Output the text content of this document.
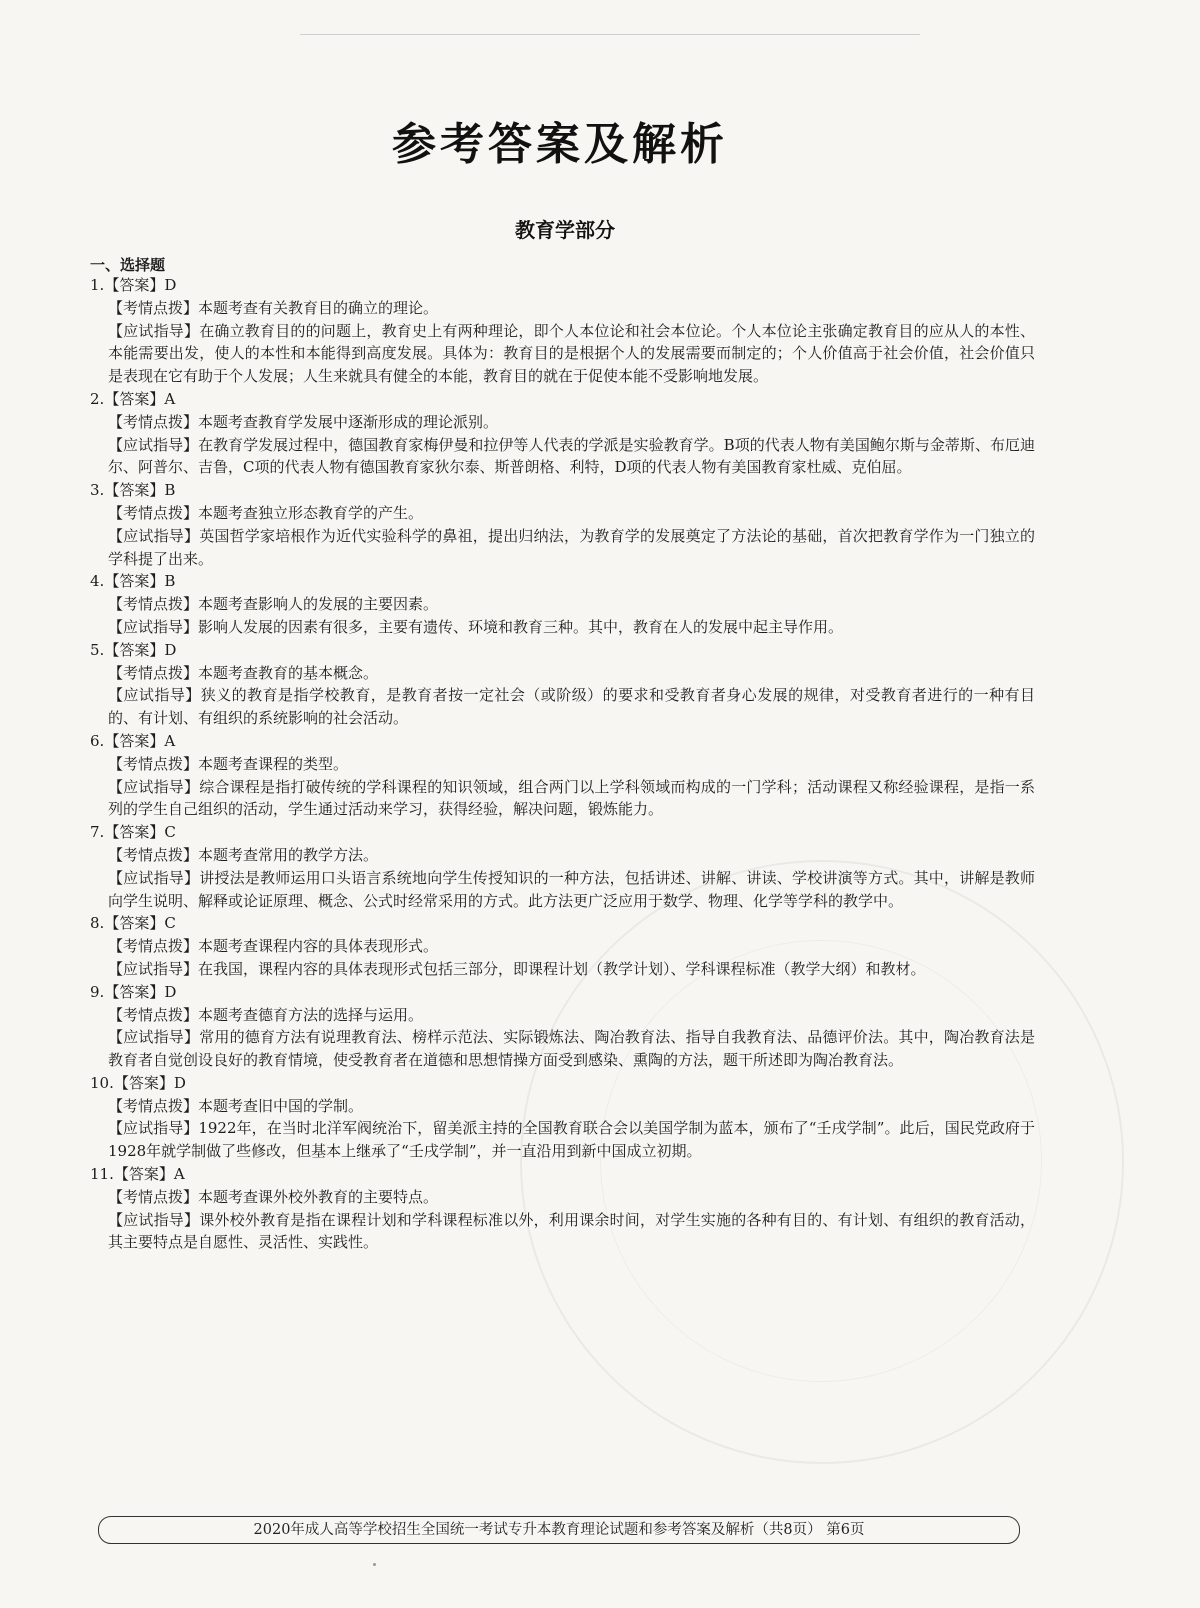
参考答案及解析
教育学部分
一、选择题
1.【答案】D
【考情点拨】本题考查有关教育目的确立的理论。
【应试指导】在确立教育目的的问题上，教育史上有两种理论，即个人本位论和社会本位论。个人本位论主张确定教育目的应从人的本性、本能需要出发，使人的本性和本能得到高度发展。具体为：教育目的是根据个人的发展需要而制定的；个人价值高于社会价值，社会价值只是表现在它有助于个人发展；人生来就具有健全的本能，教育目的就在于促使本能不受影响地发展。
2.【答案】A
【考情点拨】本题考查教育学发展中逐渐形成的理论派别。
【应试指导】在教育学发展过程中，德国教育家梅伊曼和拉伊等人代表的学派是实验教育学。B项的代表人物有美国鲍尔斯与金蒂斯、布厄迪尔、阿普尔、吉鲁，C项的代表人物有德国教育家狄尔泰、斯普朗格、利特，D项的代表人物有美国教育家杜威、克伯屈。
3.【答案】B
【考情点拨】本题考查独立形态教育学的产生。
【应试指导】英国哲学家培根作为近代实验科学的鼻祖，提出归纳法，为教育学的发展奠定了方法论的基础，首次把教育学作为一门独立的学科提了出来。
4.【答案】B
【考情点拨】本题考查影响人的发展的主要因素。
【应试指导】影响人发展的因素有很多，主要有遗传、环境和教育三种。其中，教育在人的发展中起主导作用。
5.【答案】D
【考情点拨】本题考查教育的基本概念。
【应试指导】狭义的教育是指学校教育，是教育者按一定社会（或阶级）的要求和受教育者身心发展的规律，对受教育者进行的一种有目的、有计划、有组织的系统影响的社会活动。
6.【答案】A
【考情点拨】本题考查课程的类型。
【应试指导】综合课程是指打破传统的学科课程的知识领域，组合两门以上学科领域而构成的一门学科；活动课程又称经验课程，是指一系列的学生自己组织的活动，学生通过活动来学习，获得经验，解决问题，锻炼能力。
7.【答案】C
【考情点拨】本题考查常用的教学方法。
【应试指导】讲授法是教师运用口头语言系统地向学生传授知识的一种方法，包括讲述、讲解、讲读、学校讲演等方式。其中，讲解是教师向学生说明、解释或论证原理、概念、公式时经常采用的方式。此方法更广泛应用于数学、物理、化学等学科的教学中。
8.【答案】C
【考情点拨】本题考查课程内容的具体表现形式。
【应试指导】在我国，课程内容的具体表现形式包括三部分，即课程计划（教学计划）、学科课程标准（教学大纲）和教材。
9.【答案】D
【考情点拨】本题考查德育方法的选择与运用。
【应试指导】常用的德育方法有说理教育法、榜样示范法、实际锻炼法、陶冶教育法、指导自我教育法、品德评价法。其中，陶冶教育法是教育者自觉创设良好的教育情境，使受教育者在道德和思想情操方面受到感染、熏陶的方法，题干所述即为陶冶教育法。
10.【答案】D
【考情点拨】本题考查旧中国的学制。
【应试指导】1922年，在当时北洋军阀统治下，留美派主持的全国教育联合会以美国学制为蓝本，颁布了“壬戌学制”。此后，国民党政府于1928年就学制做了些修改，但基本上继承了“壬戌学制”，并一直沿用到新中国成立初期。
11.【答案】A
【考情点拨】本题考查课外校外教育的主要特点。
【应试指导】课外校外教育是指在课程计划和学科课程标准以外，利用课余时间，对学生实施的各种有目的、有计划、有组织的教育活动，其主要特点是自愿性、灵活性、实践性。
2020年成人高等学校招生全国统一考试专升本教育理论试题和参考答案及解析（共8页） 第6页
